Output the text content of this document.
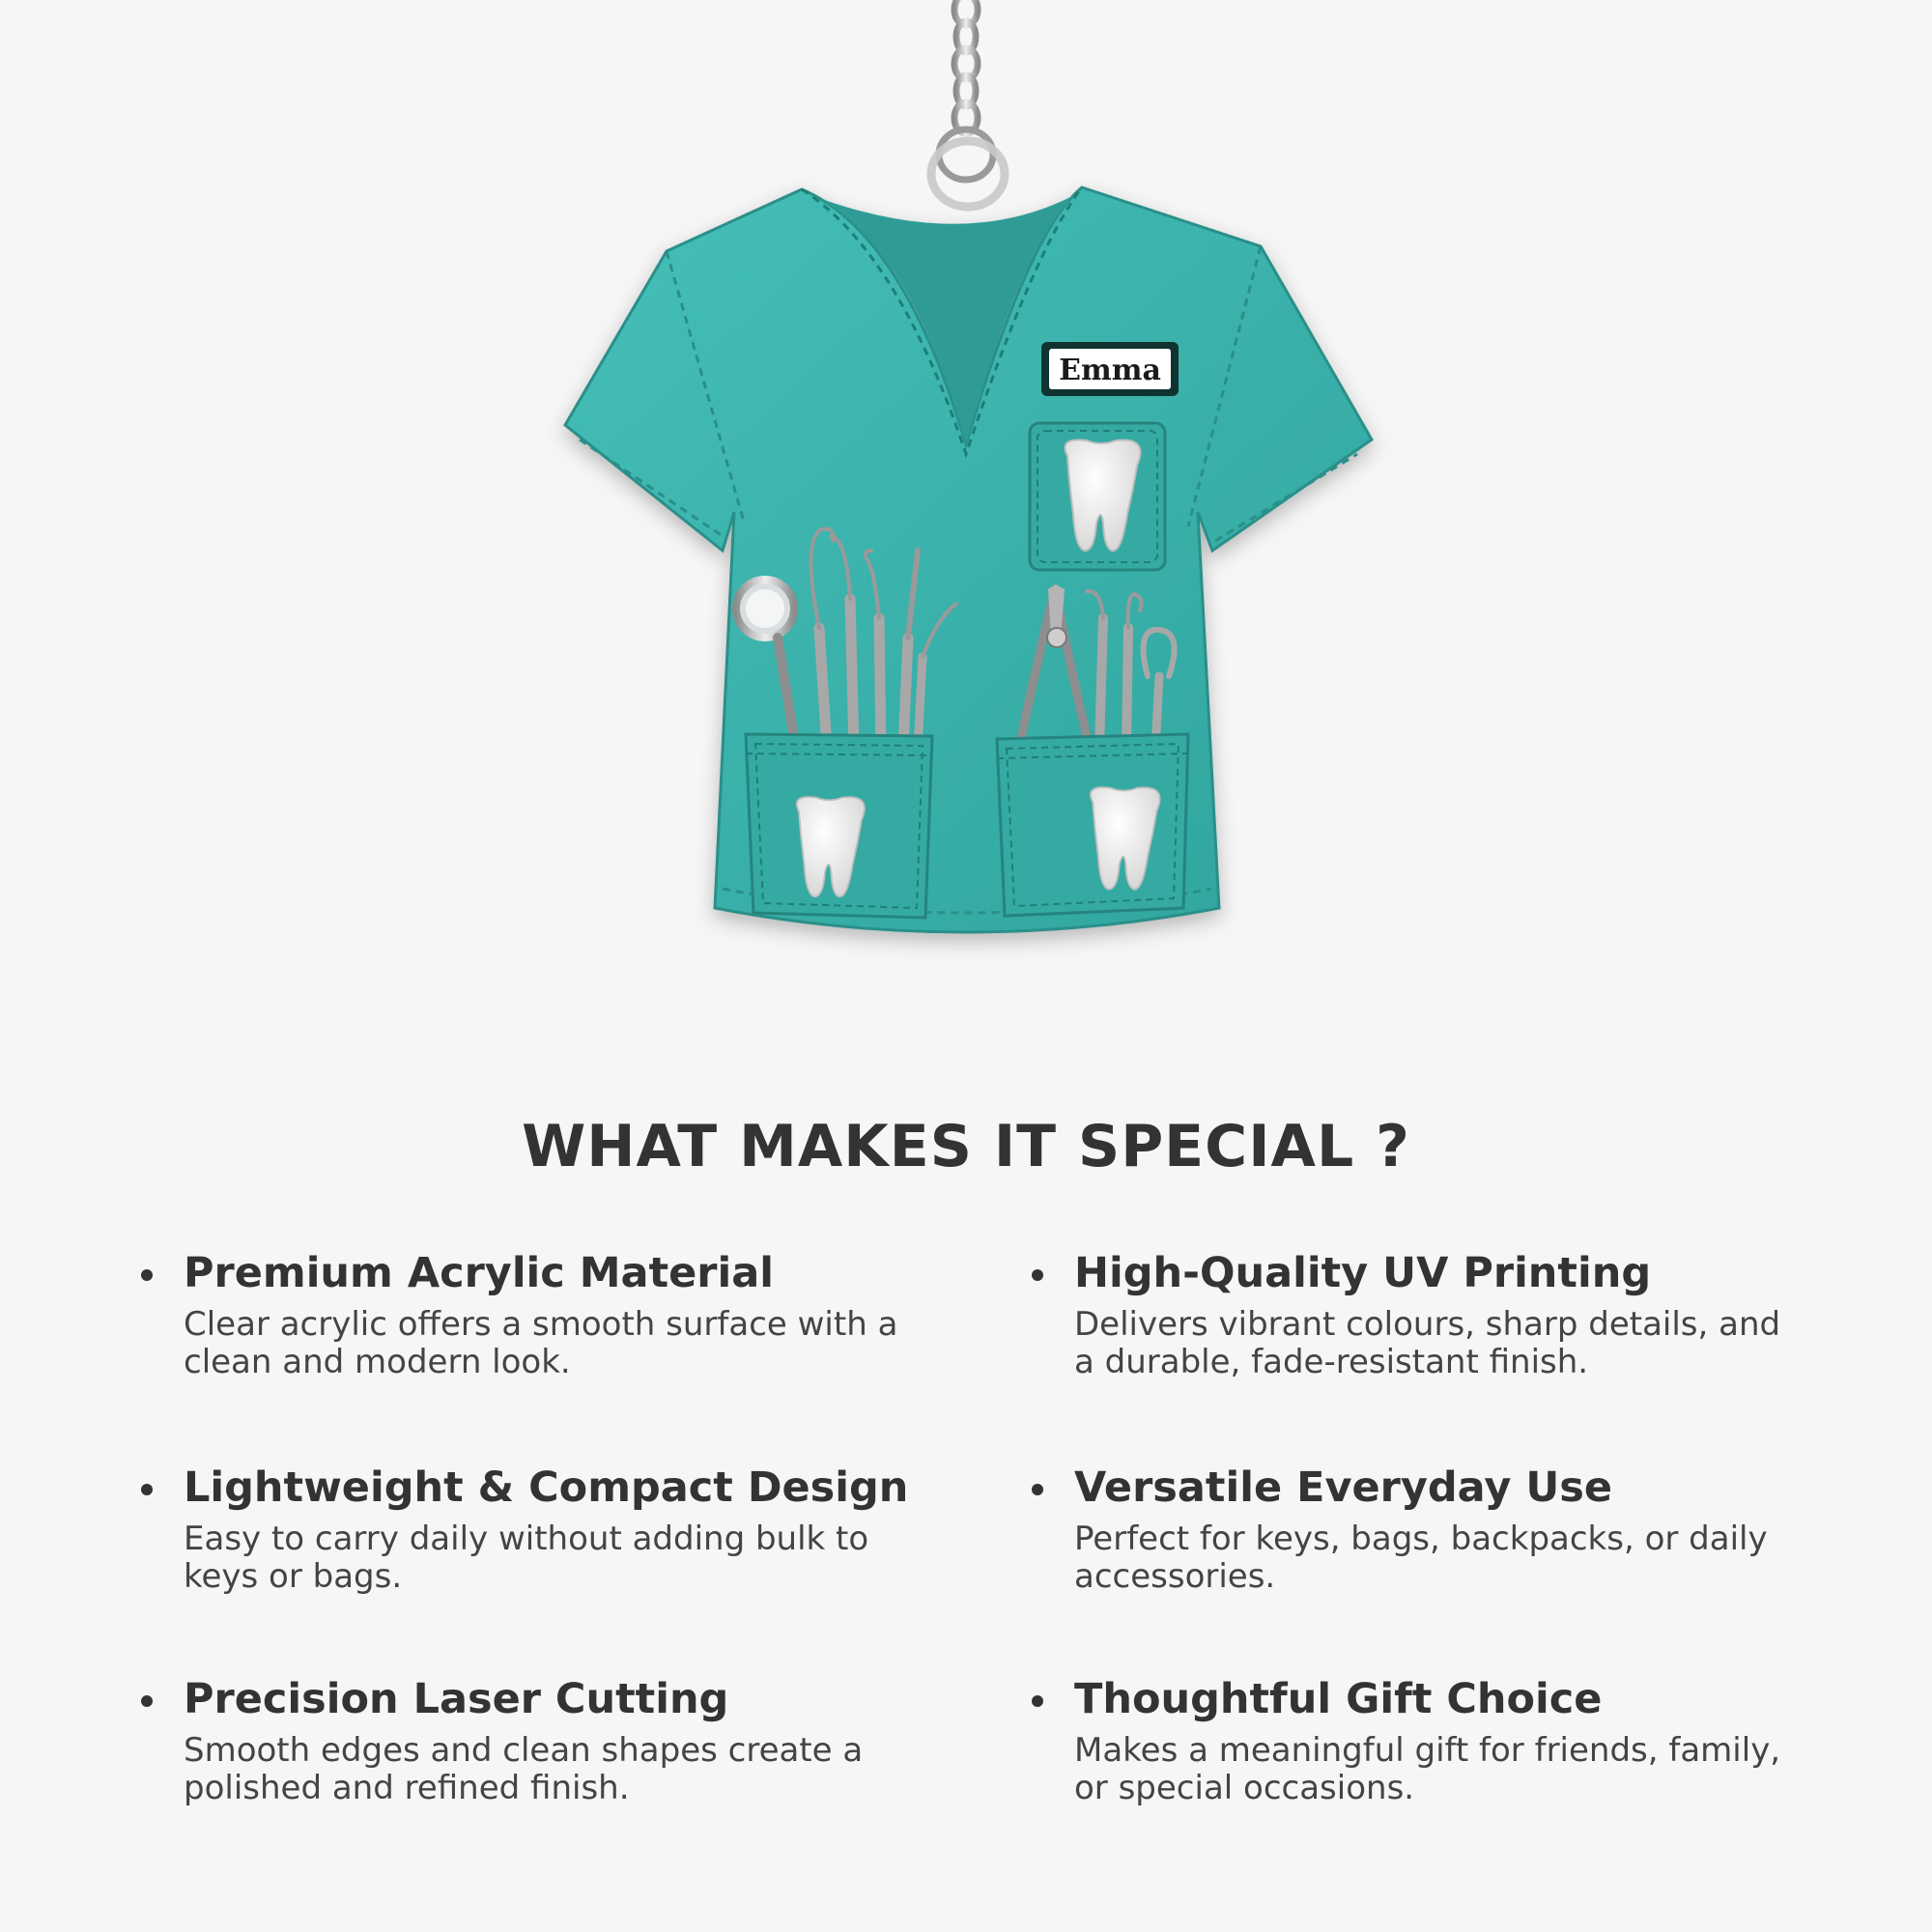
Emma
WHAT MAKES IT SPECIAL ?
Premium Acrylic Material
Clear acrylic offers a smooth surface with a clean and modern look.
High-Quality UV Printing
Delivers vibrant colours, sharp details, and a durable, fade-resistant finish.
Lightweight & Compact Design
Easy to carry daily without adding bulk to keys or bags.
Versatile Everyday Use
Perfect for keys, bags, backpacks, or daily accessories.
Precision Laser Cutting
Smooth edges and clean shapes create a polished and refined finish.
Thoughtful Gift Choice
Makes a meaningful gift for friends, family, or special occasions.
